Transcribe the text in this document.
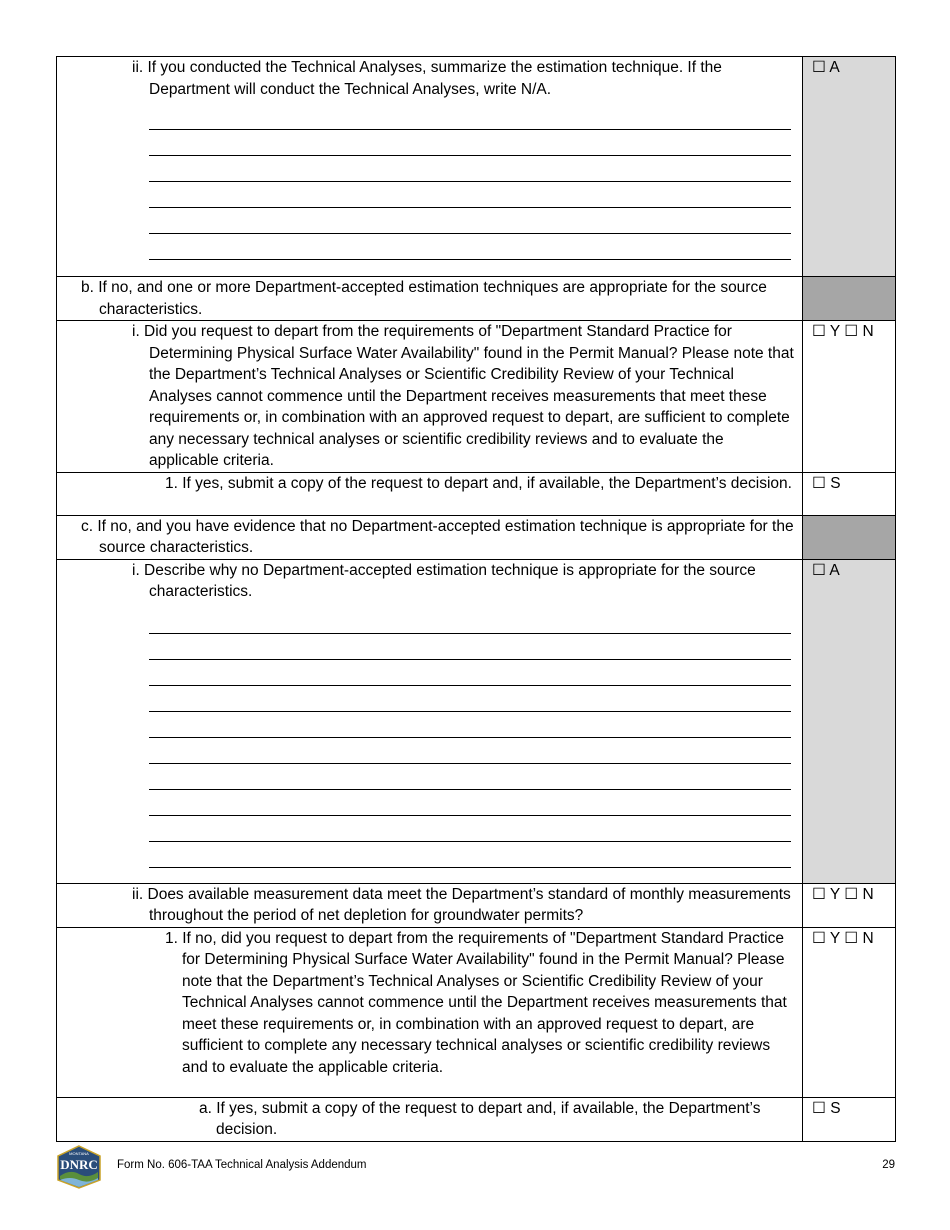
ii. If you conducted the Technical Analyses, summarize the estimation technique. If the Department will conduct the Technical Analyses, write N/A.	☐ A

b. If no, and one or more Department-accepted estimation techniques are appropriate for the source characteristics.	

i. Did you request to depart from the requirements of "Department Standard Practice for Determining Physical Surface Water Availability" found in the Permit Manual? Please note that the Department’s Technical Analyses or Scientific Credibility Review of your Technical Analyses cannot commence until the Department receives measurements that meet these requirements or, in combination with an approved request to depart, are sufficient to complete any necessary technical analyses or scientific credibility reviews and to evaluate the applicable criteria.	☐ Y ☐ N

1. If yes, submit a copy of the request to depart and, if available, the Department’s decision.	☐ S

c. If no, and you have evidence that no Department-accepted estimation technique is appropriate for the source characteristics.	

i. Describe why no Department-accepted estimation technique is appropriate for the source characteristics.	☐ A

ii. Does available measurement data meet the Department’s standard of monthly measurements throughout the period of net depletion for groundwater permits?	☐ Y ☐ N

1. If no, did you request to depart from the requirements of "Department Standard Practice for Determining Physical Surface Water Availability" found in the Permit Manual? Please note that the Department’s Technical Analyses or Scientific Credibility Review of your Technical Analyses cannot commence until the Department receives measurements that meet these requirements or, in combination with an approved request to depart, are sufficient to complete any necessary technical analyses or scientific credibility reviews and to evaluate the applicable criteria.	☐ Y ☐ N

a. If yes, submit a copy of the request to depart and, if available, the Department’s decision.	☐ S
MONTANA
DNRC Form No. 606-TAA Technical Analysis Addendum	29
